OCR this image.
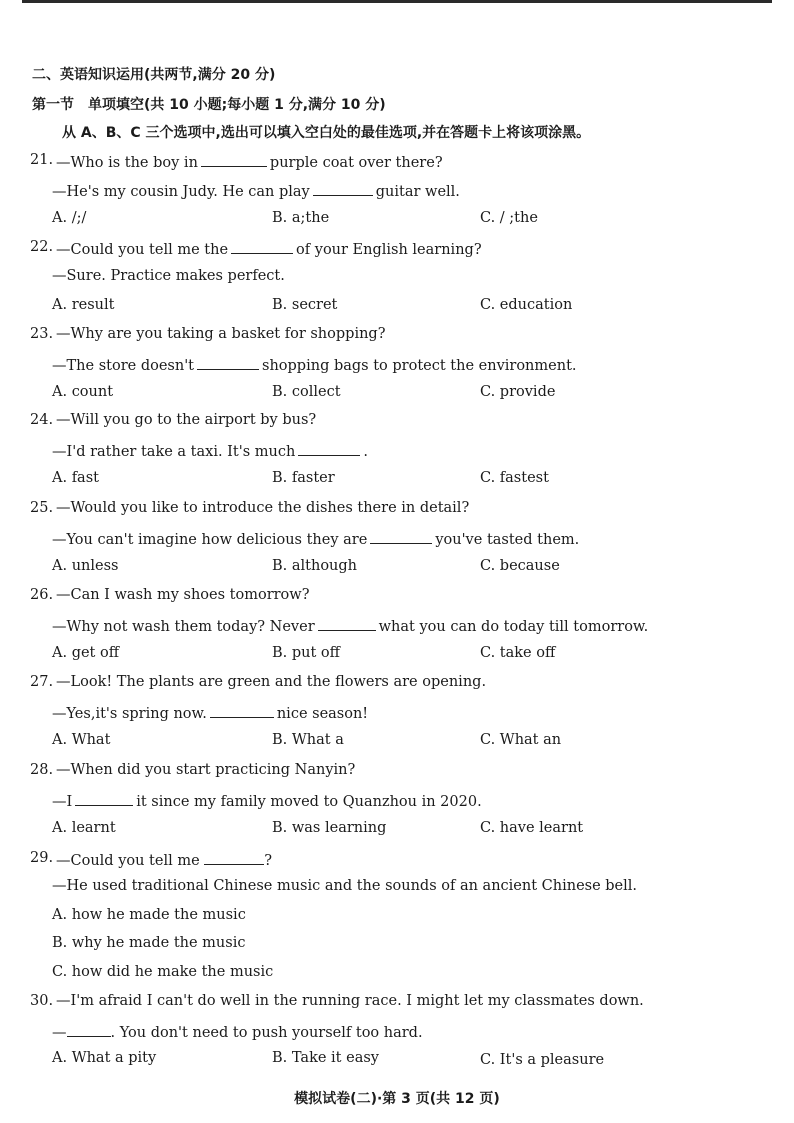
二、英语知识运用(共两节,满分 20 分)
第一节　单项填空(共 10 小题;每小题 1 分,满分 10 分)
从 A、B、C 三个选项中,选出可以填入空白处的最佳选项,并在答题卡上将该项涂黑。
21. —Who is the boy in	purple coat over there?
—He's my cousin Judy. He can play	guitar well.
A. /;/	B. a;the	C. / ;the
22. —Could you tell me the	of your English learning?
—Sure. Practice makes perfect.
A. result	B. secret	C. education
23. —Why are you taking a basket for shopping?
—The store doesn't	shopping bags to protect the environment.
A. count	B. collect	C. provide
24. —Will you go to the airport by bus?
—I'd rather take a taxi. It's much	.
A. fast	B. faster	C. fastest
25. —Would you like to introduce the dishes there in detail?
—You can't imagine how delicious they are	you've tasted them.
A. unless	B. although	C. because
26. —Can I wash my shoes tomorrow?
—Why not wash them today? Never	what you can do today till tomorrow.
A. get off	B. put off	C. take off
27. —Look! The plants are green and the flowers are opening.
—Yes,it's spring now.	nice season!
A. What	B. What a	C. What an
28. —When did you start practicing Nanyin?
—I	it since my family moved to Quanzhou in 2020.
A. learnt	B. was learning	C. have learnt
29. —Could you tell me	?
—He used traditional Chinese music and the sounds of an ancient Chinese bell.
A. how he made the music
B. why he made the music
C. how did he make the music
30. —I'm afraid I can't do well in the running race. I might let my classmates down.
—	. You don't need to push yourself too hard.
A. What a pity	B. Take it easy	C. It's a pleasure
模拟试卷(二)·第 3 页(共 12 页)
